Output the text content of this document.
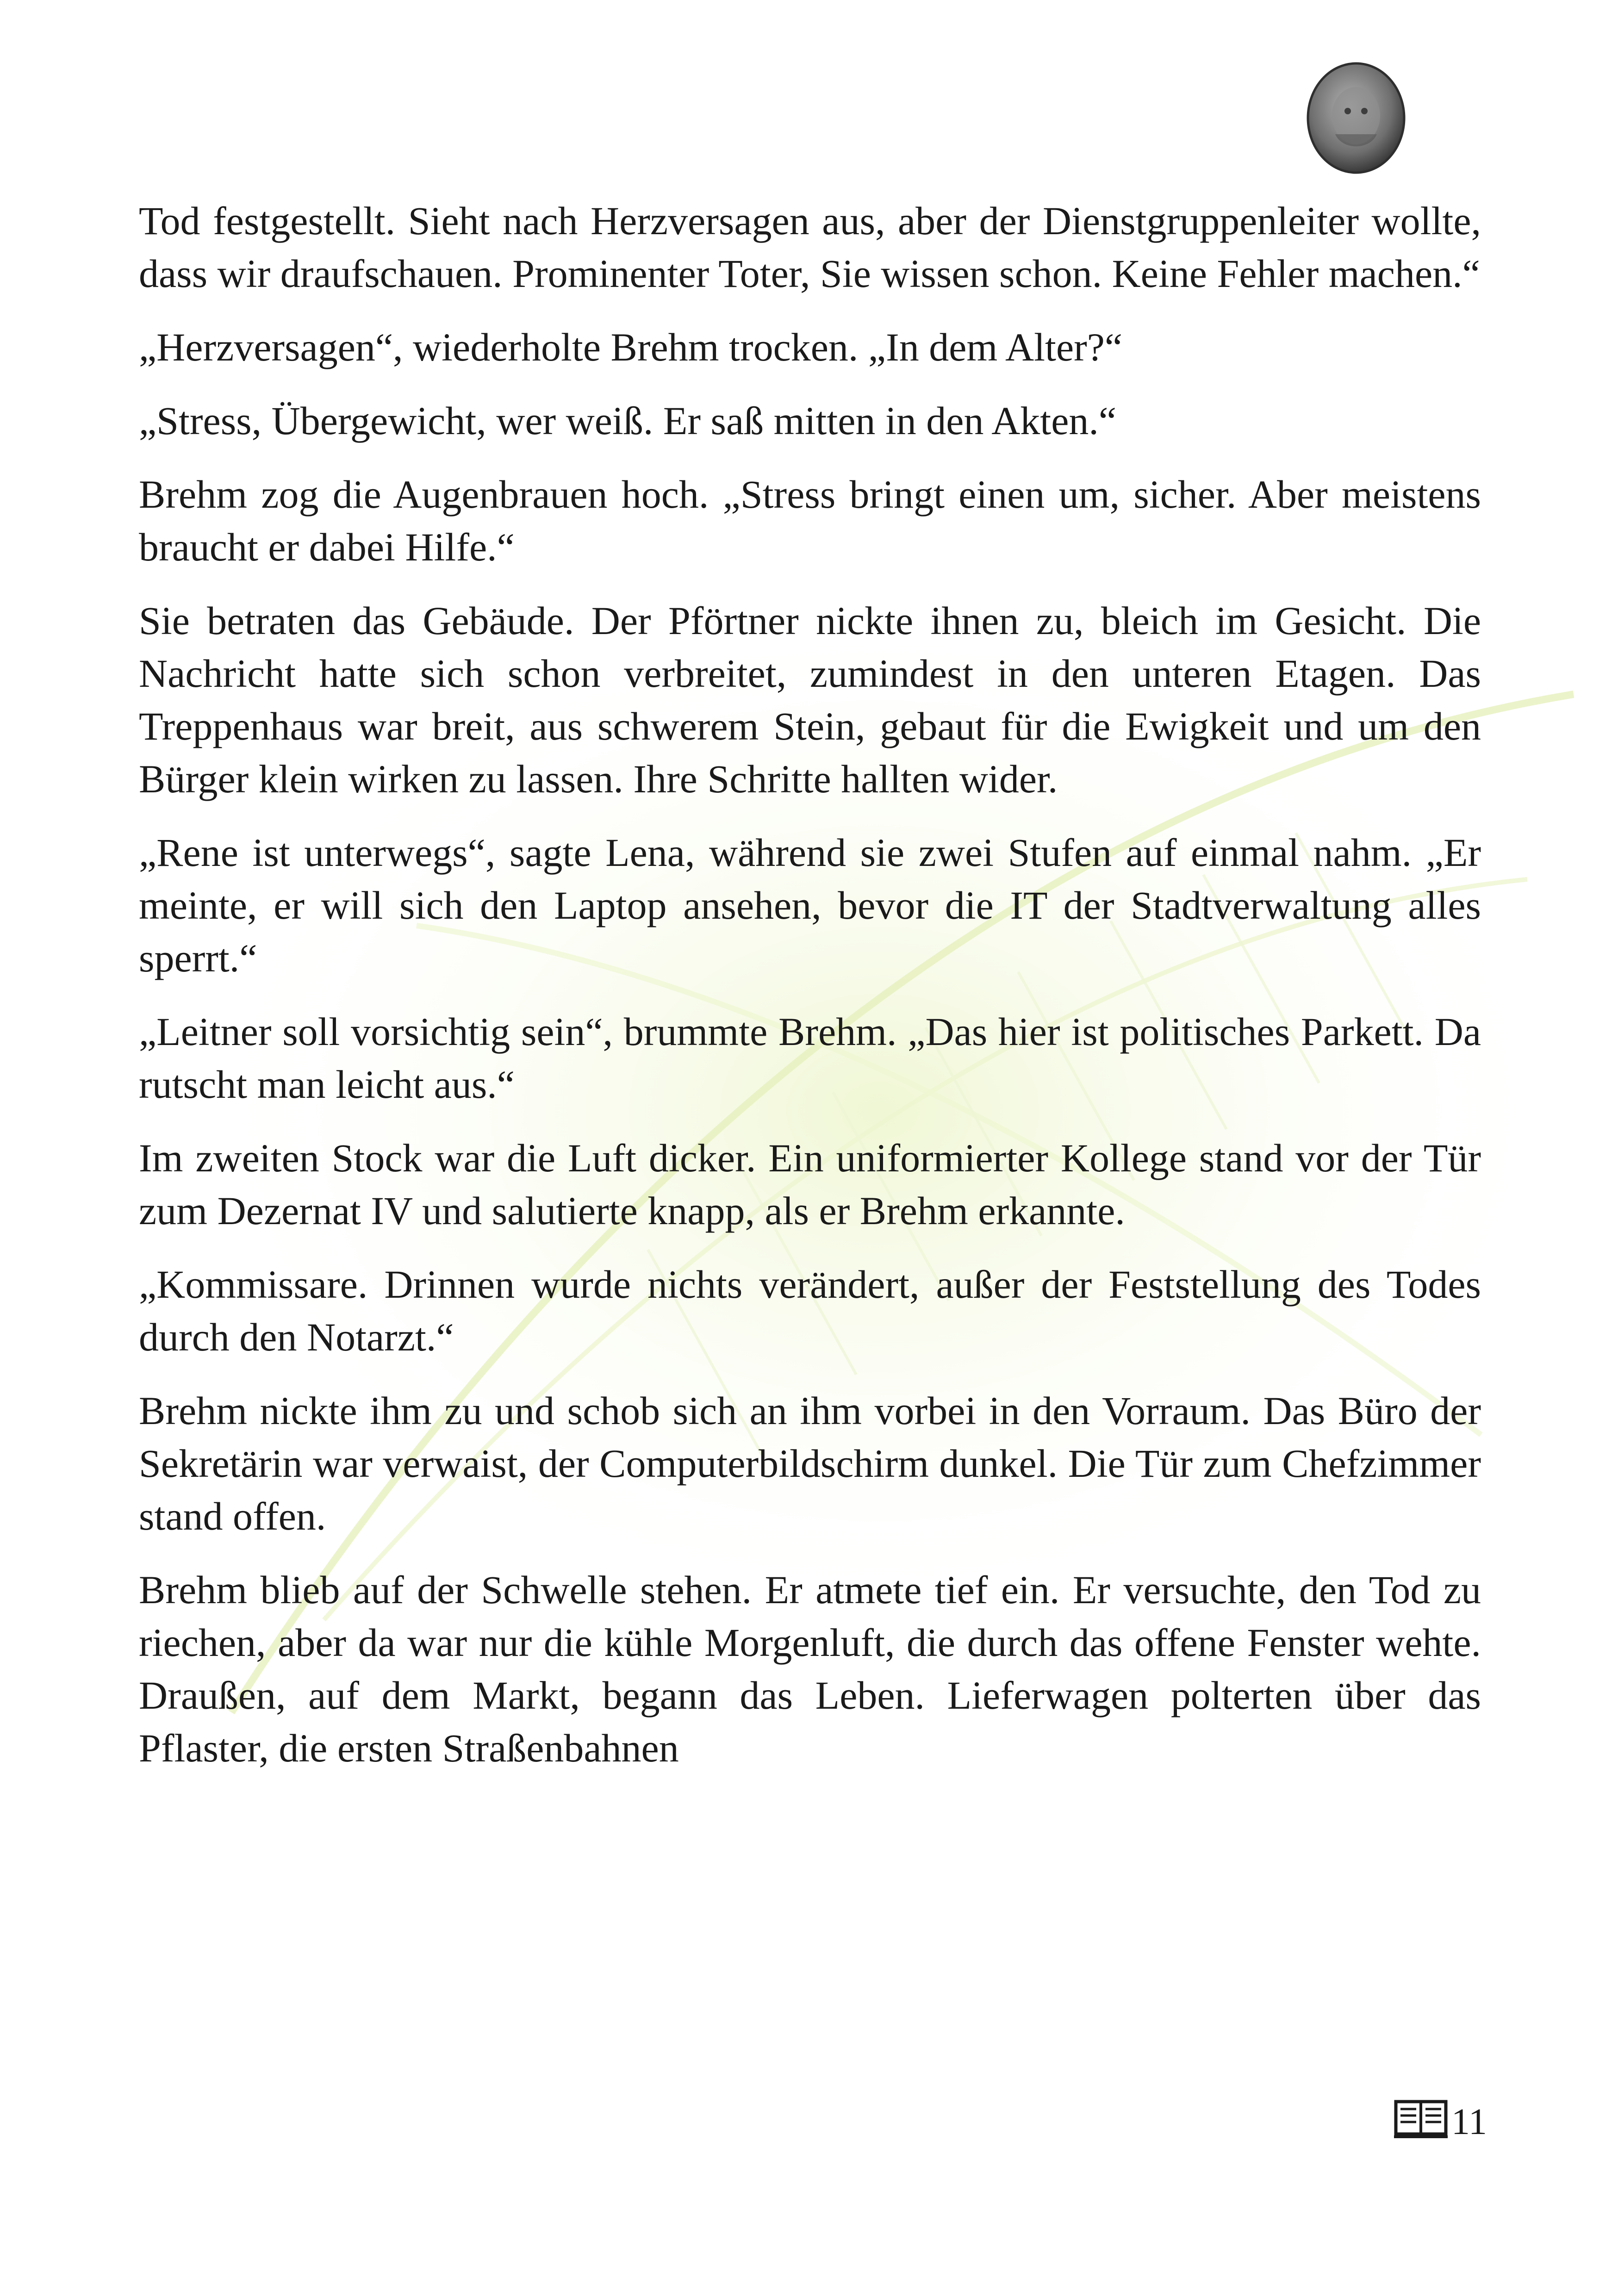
Tod festgestellt. Sieht nach Herzversagen aus, aber der Dienstgruppenleiter wollte, dass wir draufschauen. Prominenter Toter, Sie wissen schon. Keine Fehler machen.“

„Herzversagen“, wiederholte Brehm trocken. „In dem Alter?“

„Stress, Übergewicht, wer weiß. Er saß mitten in den Akten.“

Brehm zog die Augenbrauen hoch. „Stress bringt einen um, sicher. Aber meistens braucht er dabei Hilfe.“

Sie betraten das Gebäude. Der Pförtner nickte ihnen zu, bleich im Gesicht. Die Nachricht hatte sich schon verbreitet, zumindest in den unteren Etagen. Das Treppenhaus war breit, aus schwerem Stein, gebaut für die Ewigkeit und um den Bürger klein wirken zu lassen. Ihre Schritte hallten wider.

„Rene ist unterwegs“, sagte Lena, während sie zwei Stufen auf einmal nahm. „Er meinte, er will sich den Laptop ansehen, bevor die IT der Stadtverwaltung alles sperrt.“

„Leitner soll vorsichtig sein“, brummte Brehm. „Das hier ist politisches Parkett. Da rutscht man leicht aus.“

Im zweiten Stock war die Luft dicker. Ein uniformierter Kollege stand vor der Tür zum Dezernat IV und salutierte knapp, als er Brehm erkannte.

„Kommissare. Drinnen wurde nichts verändert, außer der Feststellung des Todes durch den Notarzt.“

Brehm nickte ihm zu und schob sich an ihm vorbei in den Vorraum. Das Büro der Sekretärin war verwaist, der Computerbildschirm dunkel. Die Tür zum Chefzimmer stand offen.

Brehm blieb auf der Schwelle stehen. Er atmete tief ein. Er versuchte, den Tod zu riechen, aber da war nur die kühle Morgenluft, die durch das offene Fenster wehte. Draußen, auf dem Markt, begann das Leben. Lieferwagen polterten über das Pflaster, die ersten Straßenbahnen

11
